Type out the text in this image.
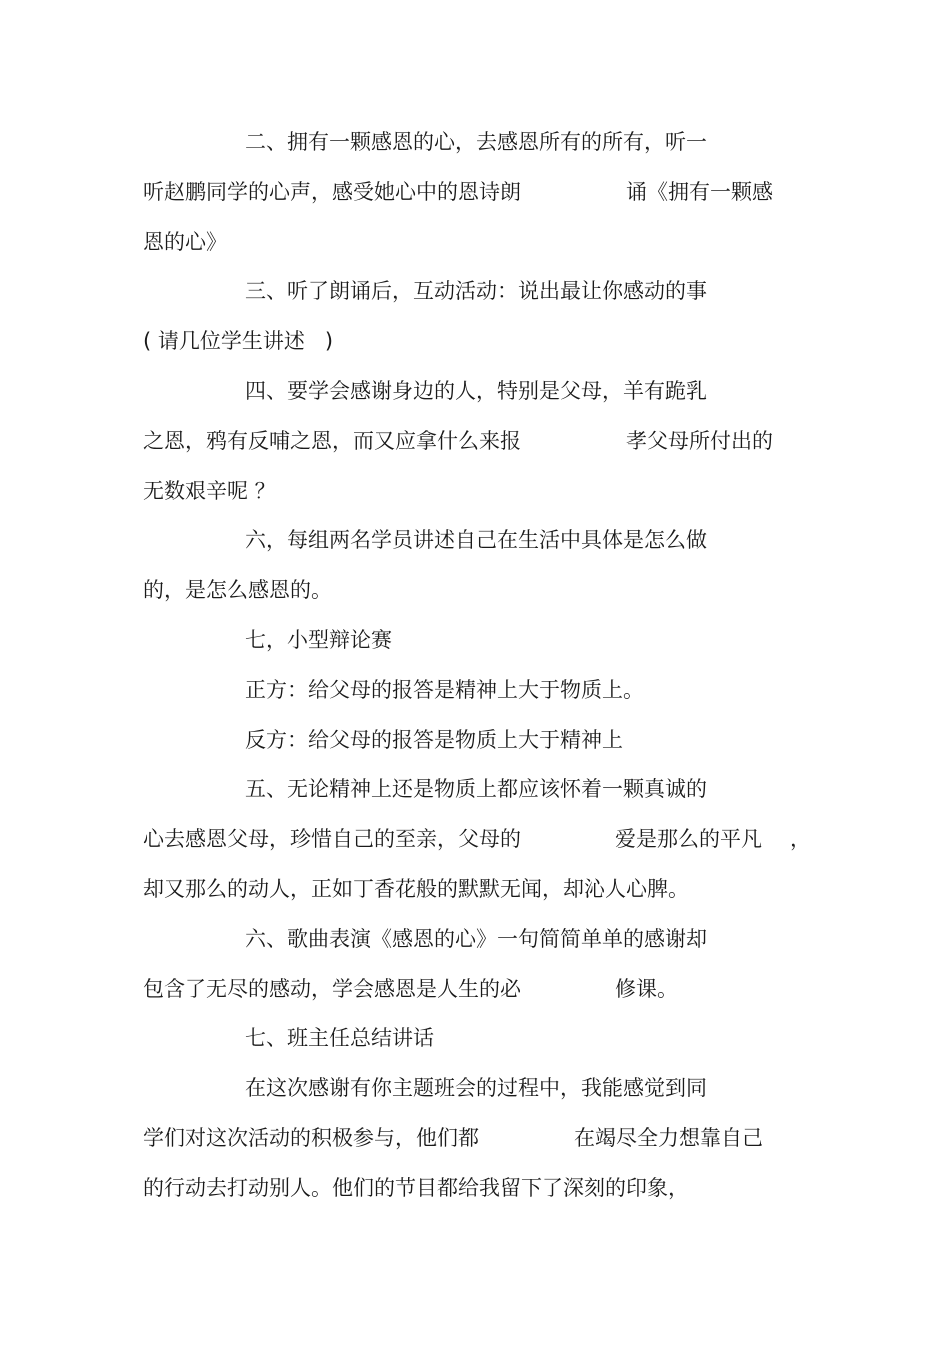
二、拥有一颗感恩的心，去感恩所有的所有，听一
听赵鹏同学的心声，感受她心中的恩诗朗	诵《拥有一颗感
恩的心》
三、听了朗诵后，互动活动：说出最让你感动的事
( 请几位学生讲述   )
四、要学会感谢身边的人，特别是父母，羊有跪乳
之恩，鸦有反哺之恩，而又应拿什么来报	孝父母所付出的
无数艰辛呢 ？
六，每组两名学员讲述自己在生活中具体是怎么做
的，是怎么感恩的。
七，小型辩论赛
正方：给父母的报答是精神上大于物质上。
反方：给父母的报答是物质上大于精神上
五、无论精神上还是物质上都应该怀着一颗真诚的
心去感恩父母，珍惜自己的至亲，父母的	爱是那么的平凡 ，
却又那么的动人，正如丁香花般的默默无闻，却沁人心脾。
六、歌曲表演《感恩的心》一句简简单单的感谢却
包含了无尽的感动，学会感恩是人生的必	修课。
七、班主任总结讲话
在这次感谢有你主题班会的过程中，我能感觉到同
学们对这次活动的积极参与，他们都	在竭尽全力想靠自己
的行动去打动别人。他们的节目都给我留下了深刻的印象，
